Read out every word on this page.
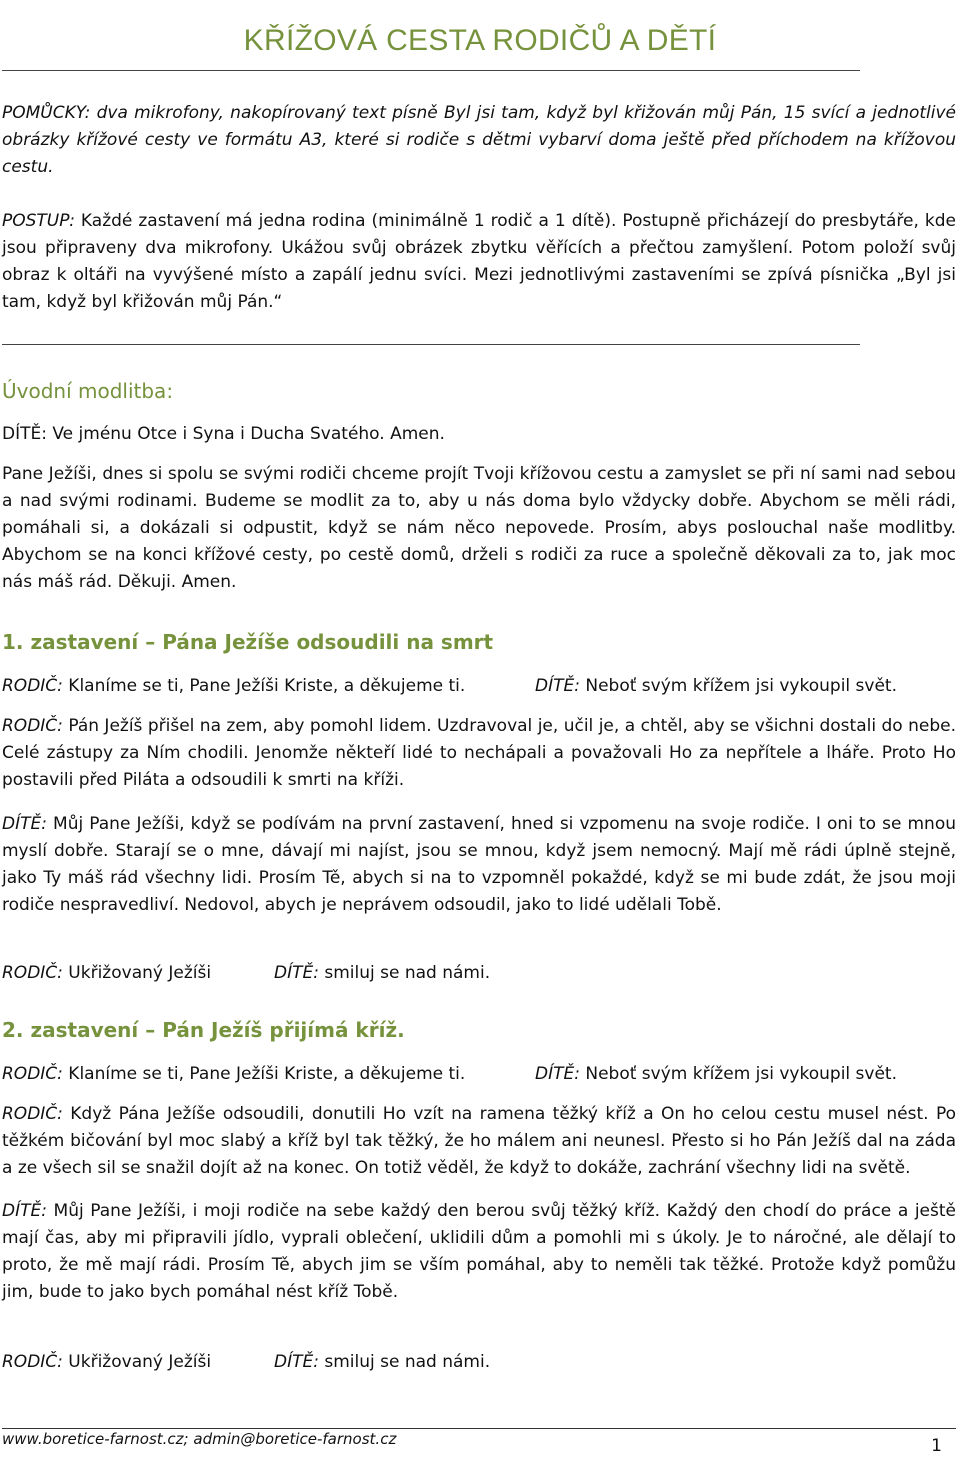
KŘÍŽOVÁ CESTA RODIČŮ A DĚTÍ

POMŮCKY: dva mikrofony, nakopírovaný text písně Byl jsi tam, když byl křižován můj Pán, 15 svící a jednotlivé obrázky křížové cesty ve formátu A3, které si rodiče s dětmi vybarví doma ještě před příchodem na křížovou cestu.

POSTUP: Každé zastavení má jedna rodina (minimálně 1 rodič a 1 dítě). Postupně přicházejí do presbytáře, kde jsou připraveny dva mikrofony. Ukážou svůj obrázek zbytku věřících a přečtou zamyšlení. Potom položí svůj obraz k oltáři na vyvýšené místo a zapálí jednu svíci. Mezi jednotlivými zastaveními se zpívá písnička „Byl jsi tam, když byl křižován můj Pán.“

Úvodní modlitba:

DÍTĚ: Ve jménu Otce i Syna i Ducha Svatého. Amen.

Pane Ježíši, dnes si spolu se svými rodiči chceme projít Tvoji křížovou cestu a zamyslet se při ní sami nad sebou a nad svými rodinami. Budeme se modlit za to, aby u nás doma bylo vždycky dobře. Abychom se měli rádi, pomáhali si, a dokázali si odpustit, když se nám něco nepovede. Prosím, abys poslouchal naše modlitby. Abychom se na konci křížové cesty, po cestě domů, drželi s rodiči za ruce a společně děkovali za to, jak moc nás máš rád. Děkuji. Amen.

1. zastavení – Pána Ježíše odsoudili na smrt
RODIČ: Klaníme se ti, Pane Ježíši Kriste, a děkujeme ti.	DÍTĚ: Neboť svým křížem jsi vykoupil svět.

RODIČ: Pán Ježíš přišel na zem, aby pomohl lidem. Uzdravoval je, učil je, a chtěl, aby se všichni dostali do nebe. Celé zástupy za Ním chodili. Jenomže někteří lidé to nechápali a považovali Ho za nepřítele a lháře. Proto Ho postavili před Piláta a odsoudili k smrti na kříži.

DÍTĚ: Můj Pane Ježíši, když se podívám na první zastavení, hned si vzpomenu na svoje rodiče. I oni to se mnou myslí dobře. Starají se o mne, dávají mi najíst, jsou se mnou, když jsem nemocný. Mají mě rádi úplně stejně, jako Ty máš rád všechny lidi. Prosím Tě, abych si na to vzpomněl pokaždé, když se mi bude zdát, že jsou moji rodiče nespravedliví. Nedovol, abych je neprávem odsoudil, jako to lidé udělali Tobě.

RODIČ: Ukřižovaný Ježíši	DÍTĚ: smiluj se nad námi.
2. zastavení – Pán Ježíš přijímá kříž.
RODIČ: Klaníme se ti, Pane Ježíši Kriste, a děkujeme ti.	DÍTĚ: Neboť svým křížem jsi vykoupil svět.

RODIČ: Když Pána Ježíše odsoudili, donutili Ho vzít na ramena těžký kříž a On ho celou cestu musel nést. Po těžkém bičování byl moc slabý a kříž byl tak těžký, že ho málem ani neunesl. Přesto si ho Pán Ježíš dal na záda a ze všech sil se snažil dojít až na konec. On totiž věděl, že když to dokáže, zachrání všechny lidi na světě.

DÍTĚ: Můj Pane Ježíši, i moji rodiče na sebe každý den berou svůj těžký kříž. Každý den chodí do práce a ještě mají čas, aby mi připravili jídlo, vyprali oblečení, uklidili dům a pomohli mi s úkoly. Je to náročné, ale dělají to proto, že mě mají rádi. Prosím Tě, abych jim se vším pomáhal, aby to neměli tak těžké. Protože když pomůžu jim, bude to jako bych pomáhal nést kříž Tobě.

RODIČ: Ukřižovaný Ježíši	DÍTĚ: smiluj se nad námi.
www.boretice-farnost.cz; admin@boretice-farnost.cz	1
